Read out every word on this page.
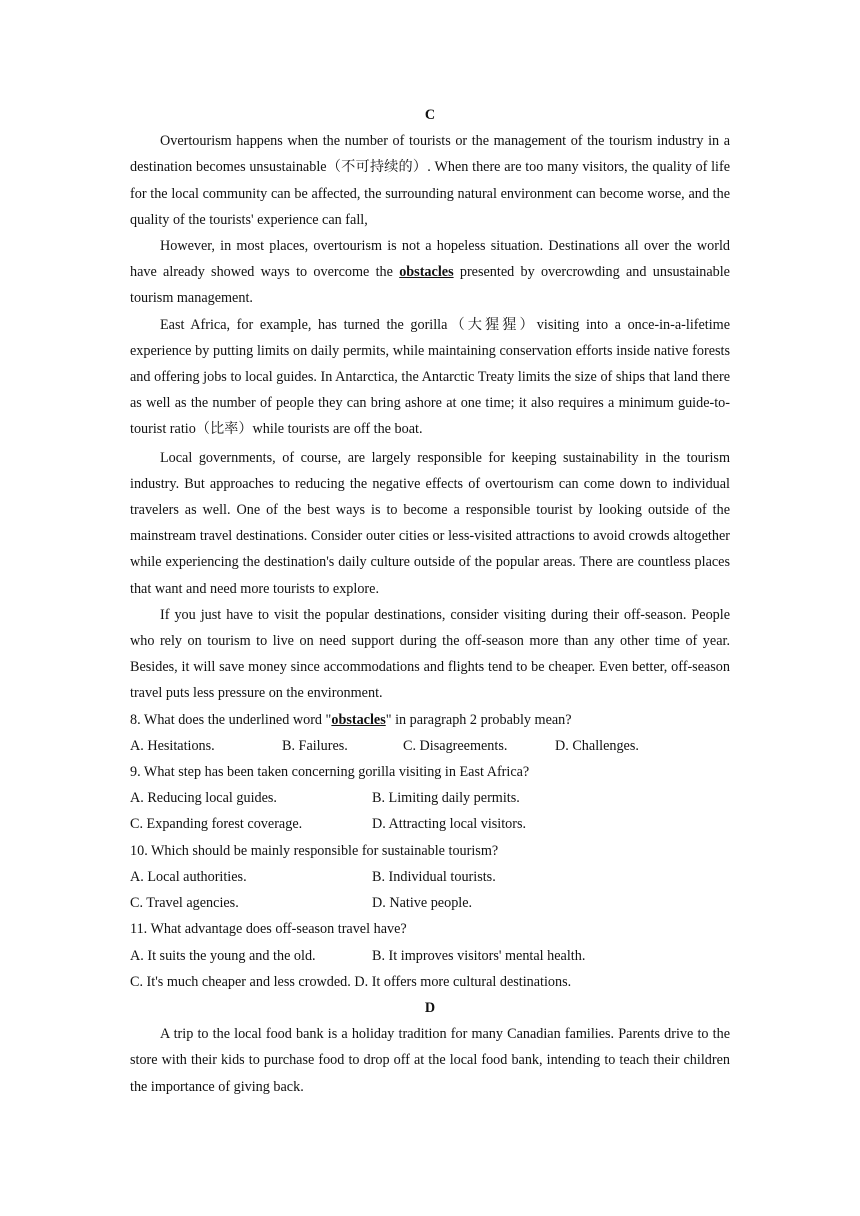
C

Overtourism happens when the number of tourists or the management of the tourism industry in a destination becomes unsustainable（不可持续的）. When there are too many visitors, the quality of life for the local community can be affected, the surrounding natural environment can become worse, and the quality of the tourists' experience can fall,

However, in most places, overtourism is not a hopeless situation. Destinations all over the world have already showed ways to overcome the obstacles presented by overcrowding and unsustainable tourism management.

East Africa, for example, has turned the gorilla（大猩猩）visiting into a once-in-a-lifetime experience by putting limits on daily permits, while maintaining conservation efforts inside native forests and offering jobs to local guides. In Antarctica, the Antarctic Treaty limits the size of ships that land there as well as the number of people they can bring ashore at one time; it also requires a minimum guide-to-tourist ratio（比率）while tourists are off the boat.

Local governments, of course, are largely responsible for keeping sustainability in the tourism industry. But approaches to reducing the negative effects of overtourism can come down to individual travelers as well. One of the best ways is to become a responsible tourist by looking outside of the mainstream travel destinations. Consider outer cities or less-visited attractions to avoid crowds altogether while experiencing the destination's daily culture outside of the popular areas. There are countless places that want and need more tourists to explore.

If you just have to visit the popular destinations, consider visiting during their off-season. People who rely on tourism to live on need support during the off-season more than any other time of year. Besides, it will save money since accommodations and flights tend to be cheaper. Even better, off-season travel puts less pressure on the environment.

8. What does the underlined word "obstacles" in paragraph 2 probably mean?

A. Hesitations.	B. Failures.	C. Disagreements.	D. Challenges.

9. What step has been taken concerning gorilla visiting in East Africa?

A. Reducing local guides.	B. Limiting daily permits.
C. Expanding forest coverage.	D. Attracting local visitors.

10. Which should be mainly responsible for sustainable tourism?

A. Local authorities.	B. Individual tourists.
C. Travel agencies.	D. Native people.

11. What advantage does off-season travel have?

A. It suits the young and the old.	B. It improves visitors' mental health.

C. It's much cheaper and less crowded. D. It offers more cultural destinations.

D

A trip to the local food bank is a holiday tradition for many Canadian families. Parents drive to the store with their kids to purchase food to drop off at the local food bank, intending to teach their children the importance of giving back.
